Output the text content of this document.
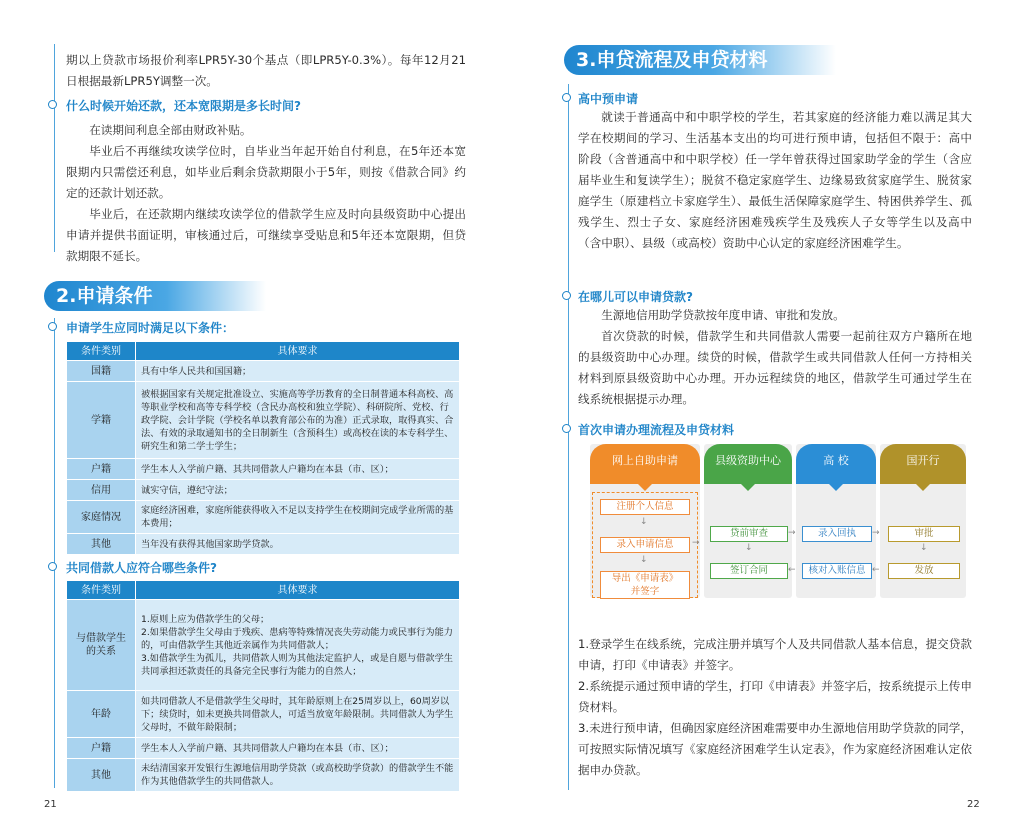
期以上贷款市场报价利率LPR5Y-30个基点（即LPR5Y-0.3%）。每年12月21日根据最新LPR5Y调整一次。
什么时候开始还款，还本宽限期是多长时间?
在读期间利息全部由财政补贴。
毕业后不再继续攻读学位时，自毕业当年起开始自付利息，在5年还本宽限期内只需偿还利息，如毕业后剩余贷款期限小于5年，则按《借款合同》约定的还款计划还款。
毕业后，在还款期内继续攻读学位的借款学生应及时向县级资助中心提出申请并提供书面证明，审核通过后，可继续享受贴息和5年还本宽限期，但贷款期限不延长。
2.申请条件
申请学生应同时满足以下条件：
条件类别	具体要求
国籍	具有中华人民共和国国籍；
学籍	被根据国家有关规定批准设立、实施高等学历教育的全日制普通本科高校、高等职业学校和高等专科学校（含民办高校和独立学院）、科研院所、党校、行政学院、会计学院（学校名单以教育部公布的为准）正式录取，取得真实、合法、有效的录取通知书的全日制新生（含预科生）或高校在读的本专科学生、研究生和第二学士学生；
户籍	学生本人入学前户籍、其共同借款人户籍均在本县（市、区）；
信用	诚实守信，遵纪守法；
家庭情况	家庭经济困难，家庭所能获得收入不足以支持学生在校期间完成学业所需的基本费用；
其他	当年没有获得其他国家助学贷款。
共同借款人应符合哪些条件?
条件类别	具体要求
与借款学生的关系	1.原则上应为借款学生的父母；
2.如果借款学生父母由于残疾、患病等特殊情况丧失劳动能力或民事行为能力的，可由借款学生其他近亲属作为共同借款人；
3.如借款学生为孤儿，共同借款人则为其他法定监护人，或是自愿与借款学生共同承担还款责任的具备完全民事行为能力的自然人；
年龄	如共同借款人不是借款学生父母时，其年龄原则上在25周岁以上，60周岁以下；续贷时，如未更换共同借款人，可适当放宽年龄限制。共同借款人为学生父母时，不做年龄限制；
户籍	学生本人入学前户籍、其共同借款人户籍均在本县（市、区）；
其他	未结清国家开发银行生源地信用助学贷款（或高校助学贷款）的借款学生不能作为其他借款学生的共同借款人。
21
3.申贷流程及申贷材料
高中预申请
就读于普通高中和中职学校的学生，若其家庭的经济能力难以满足其大学在校期间的学习、生活基本支出的均可进行预申请，包括但不限于：高中阶段（含普通高中和中职学校）任一学年曾获得过国家助学金的学生（含应届毕业生和复读学生）；脱贫不稳定家庭学生、边缘易致贫家庭学生、脱贫家庭学生（原建档立卡家庭学生）、最低生活保障家庭学生、特困供养学生、孤残学生、烈士子女、家庭经济困难残疾学生及残疾人子女等学生以及高中（含中职）、县级（或高校）资助中心认定的家庭经济困难学生。
在哪儿可以申请贷款?
生源地信用助学贷款按年度申请、审批和发放。
首次贷款的时候，借款学生和共同借款人需要一起前往双方户籍所在地的县级资助中心办理。续贷的时候，借款学生或共同借款人任何一方持相关材料到原县级资助中心办理。开办远程续贷的地区，借款学生可通过学生在线系统根据提示办理。
首次申请办理流程及申贷材料
1.登录学生在线系统，完成注册并填写个人及共同借款人基本信息，提交贷款申请，打印《申请表》并签字。
2.系统提示通过预申请的学生，打印《申请表》并签字后，按系统提示上传申贷材料。
3.未进行预申请，但确因家庭经济困难需要申办生源地信用助学贷款的同学，可按照实际情况填写《家庭经济困难学生认定表》，作为家庭经济困难认定依据申办贷款。
22
网上自助申请	县级资助中心	高 校	国开行
注册个人信息
↓
录入申请信息
↓
导出《申请表》
并签字
→
贷前审查
↓
签订合同
→	录入回执
←	核对入账信息
→	审批
↓
←	发放
